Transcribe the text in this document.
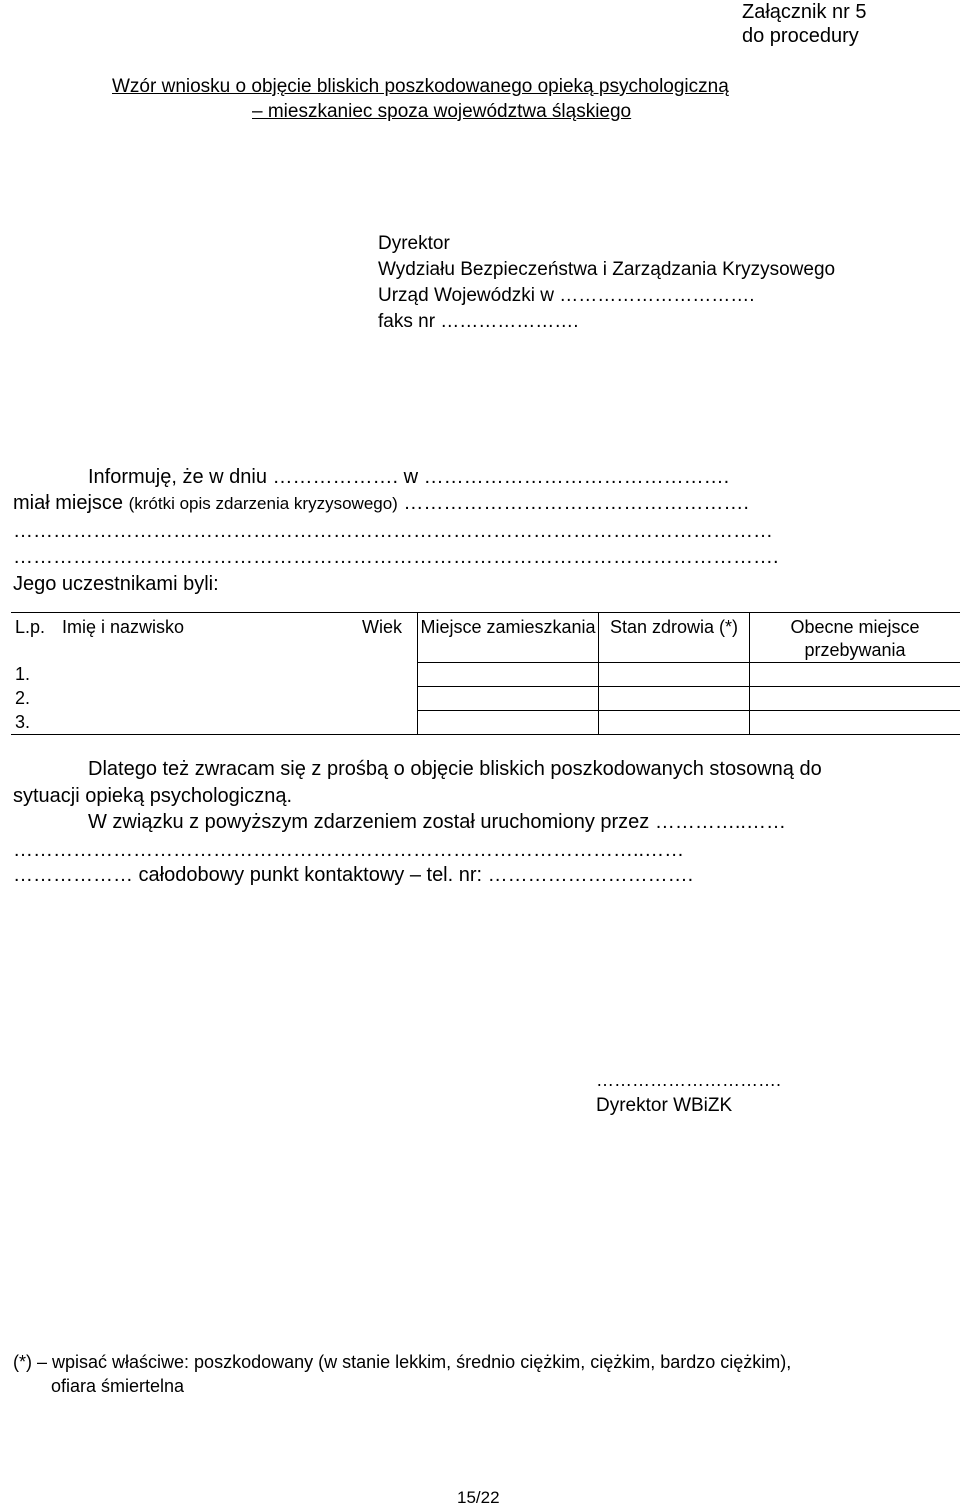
Załącznik nr 5
do procedury
Wzór wniosku o objęcie bliskich poszkodowanego opieką psychologiczną
– mieszkaniec spoza województwa śląskiego
Dyrektor
Wydziału Bezpieczeństwa i Zarządzania Kryzysowego
Urząd Wojewódzki w ………………………….
faks nr ………………….
Informuję, że w dniu ………………. w ……………………………………….
miał miejsce (krótki opis zdarzenia kryzysowego) …………………………………………….
……………………………………………………………………………………………………
…………………………………………………………………………………………………….
Jego uczestnikami byli:
L.p.	Imię i nazwisko	Wiek	Miejsce zamieszkania	Stan zdrowia (*)	Obecne miejsce przebywania
1.					
2.					
3.					
Dlatego też zwracam się z prośbą o objęcie bliskich poszkodowanych stosowną do
sytuacji opieką psychologiczną.
W związku z powyższym zdarzeniem został uruchomiony przez …………..……
…………………………………………………………………………………..……
……………… całodobowy punkt kontaktowy – tel. nr: ………………………….
………………………….
Dyrektor WBiZK
(*) – wpisać właściwe: poszkodowany (w stanie lekkim, średnio ciężkim, ciężkim, bardzo ciężkim),
ofiara śmiertelna
15/22
